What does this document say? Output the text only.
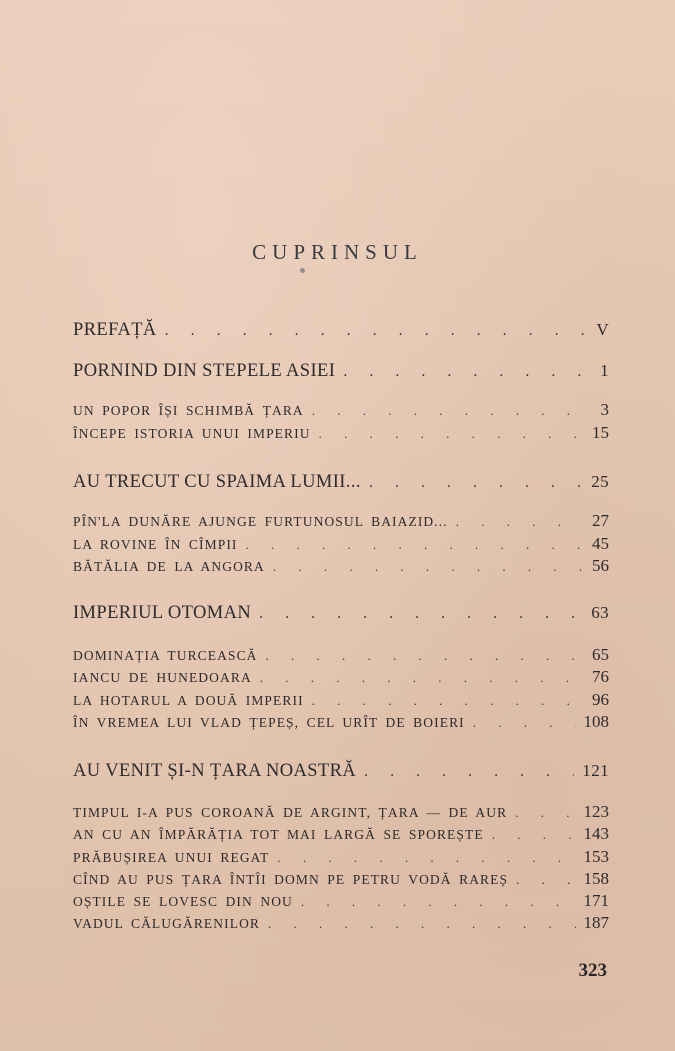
CUPRINSUL
PREFAȚĂ . . .	V
PORNIND DIN STEPELE ASIEI . . .	1
UN POPOR ÎȘI SCHIMBĂ ȚARA . . .	3
ÎNCEPE ISTORIA UNUI IMPERIU . . .	15
AU TRECUT CU SPAIMA LUMII... . . .	25
PÎN'LA DUNĂRE AJUNGE FURTUNOSUL BAIAZID... . . .	27
LA ROVINE ÎN CÎMPII . . .	45
BĂTĂLIA DE LA ANGORA . . .	56
IMPERIUL OTOMAN . . .	63
DOMINAȚIA TURCEASCĂ . . .	65
IANCU DE HUNEDOARA . . .	76
LA HOTARUL A DOUĂ IMPERII . . .	96
ÎN VREMEA LUI VLAD ȚEPEȘ, CEL URÎT DE BOIERI . . .	108
AU VENIT ȘI-N ȚARA NOASTRĂ . . .	121
TIMPUL I-A PUS COROANĂ DE ARGINT, ȚARA — DE AUR . . .	123
AN CU AN ÎMPĂRĂȚIA TOT MAI LARGĂ SE SPOREȘTE . . .	143
PRĂBUȘIREA UNUI REGAT . . .	153
CÎND AU PUS ȚARA ÎNTÎI DOMN PE PETRU VODĂ RAREȘ . . .	158
OȘTILE SE LOVESC DIN NOU . . .	171
VADUL CĂLUGĂRENILOR . . .	187
323
